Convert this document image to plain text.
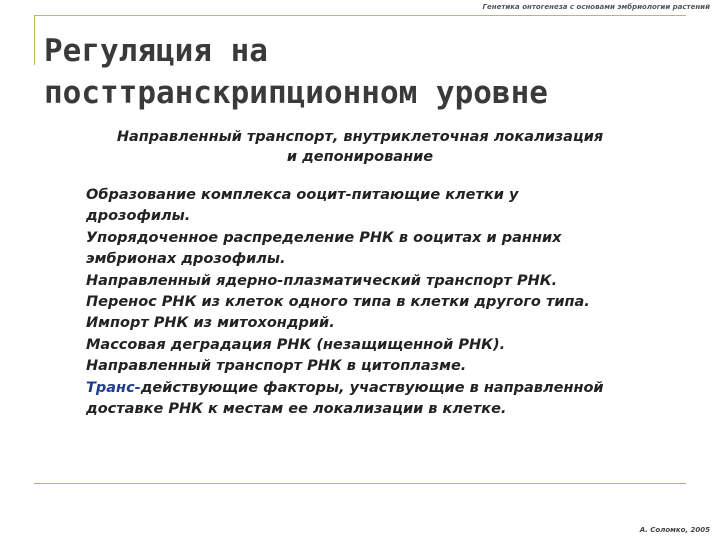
Генетика онтогенеза с основами эмбриологии растений
Регуляция на
посттранскрипционном уровне
Направленный транспорт, внутриклеточная локализация
и депонирование

Образование комплекса ооцит-питающие клетки у дрозофилы.

Упорядоченное распределение РНК в ооцитах и ранних эмбрионах дрозофилы.

Направленный ядерно-плазматический транспорт РНК.

Перенос РНК из клеток одного типа в клетки другого типа.

Импорт РНК из митохондрий.

Массовая деградация РНК (незащищенной РНК).

Направленный транспорт РНК в цитоплазме.

Транс-действующие факторы, участвующие в направленной доставке РНК к местам ее локализации в клетке.

А. Соломко, 2005
